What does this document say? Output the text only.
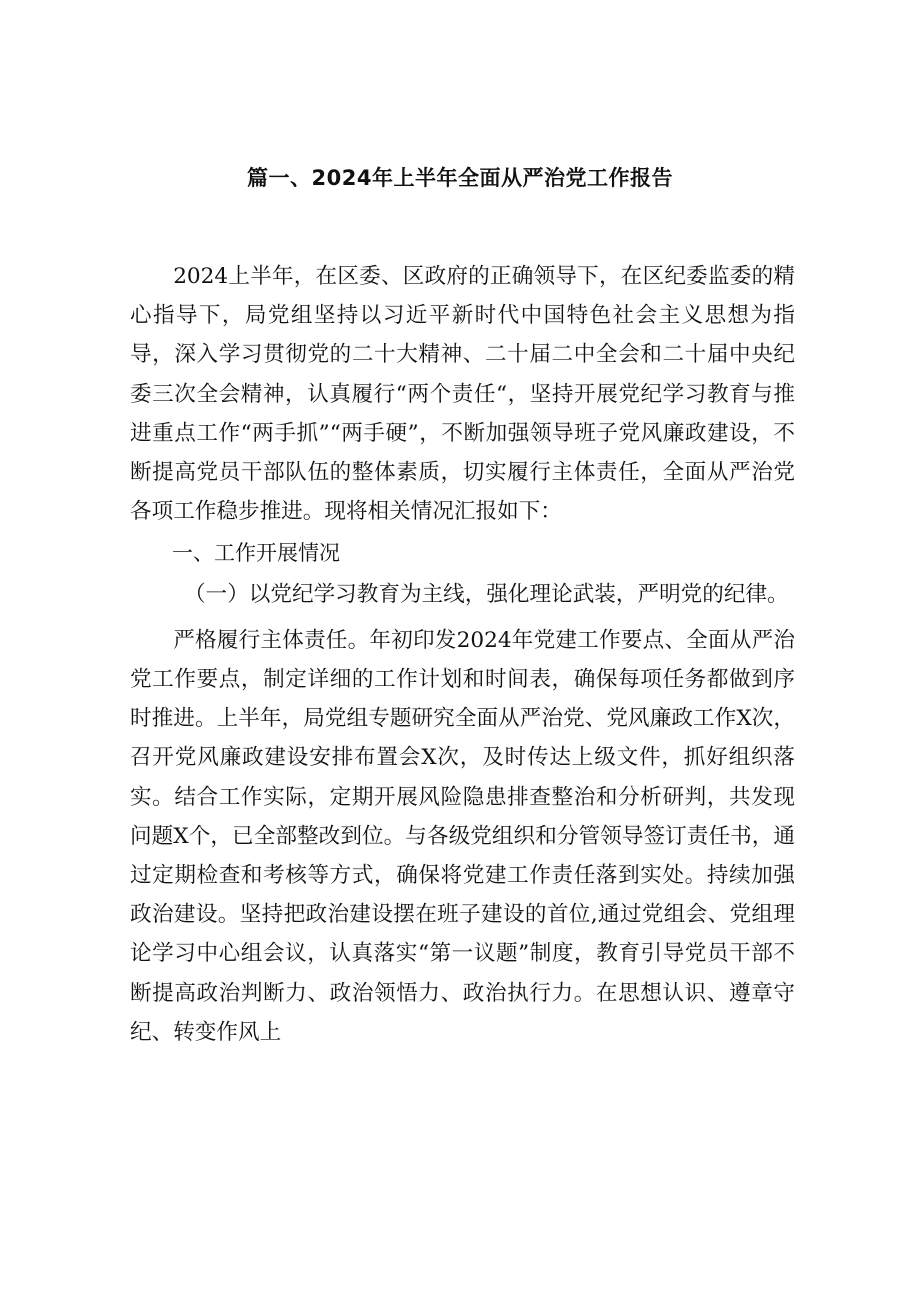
篇一、2024年上半年全面从严治党工作报告

2024上半年，在区委、区政府的正确领导下，在区纪委监委的精心指导下，局党组坚持以习近平新时代中国特色社会主义思想为指导，深入学习贯彻党的二十大精神、二十届二中全会和二十届中央纪委三次全会精神，认真履行“两个责任“，坚持开展党纪学习教育与推进重点工作“两手抓”“两手硬”，不断加强领导班子党风廉政建设，不断提高党员干部队伍的整体素质，切实履行主体责任，全面从严治党各项工作稳步推进。现将相关情况汇报如下：

一、工作开展情况

（一）以党纪学习教育为主线，强化理论武装，严明党的纪律。

严格履行主体责任。年初印发2024年党建工作要点、全面从严治党工作要点，制定详细的工作计划和时间表，确保每项任务都做到序时推进。上半年，局党组专题研究全面从严治党、党风廉政工作X次，召开党风廉政建设安排布置会X次，及时传达上级文件，抓好组织落实。结合工作实际，定期开展风险隐患排查整治和分析研判，共发现问题X个，已全部整改到位。与各级党组织和分管领导签订责任书，通过定期检查和考核等方式，确保将党建工作责任落到实处。持续加强政治建设。坚持把政治建设摆在班子建设的首位,通过党组会、党组理论学习中心组会议，认真落实“第一议题”制度，教育引导党员干部不断提高政治判断力、政治领悟力、政治执行力。在思想认识、遵章守纪、转变作风上
